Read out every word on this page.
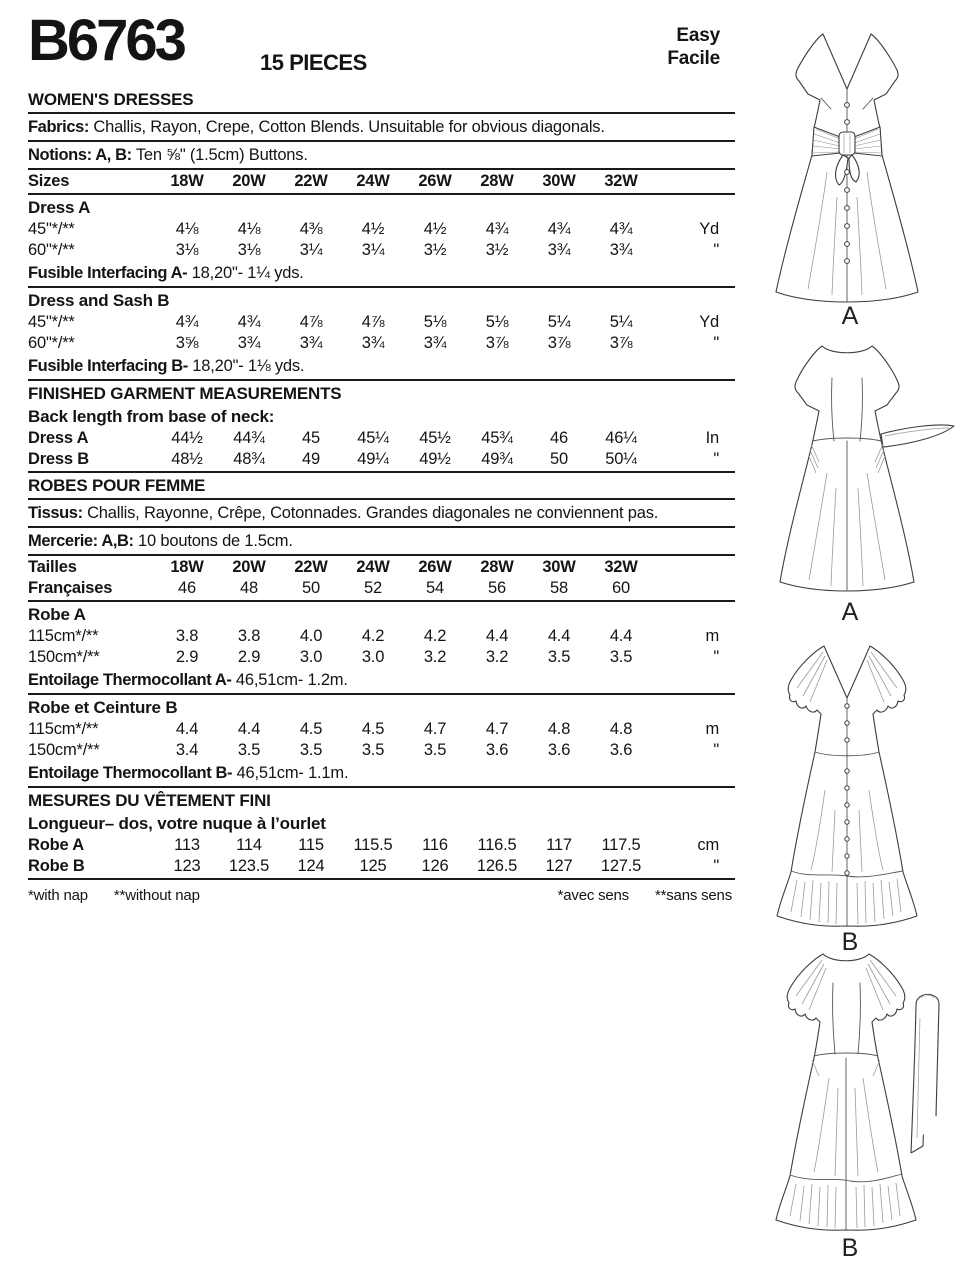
B6763	15 PIECES
Easy
Facile
WOMEN'S DRESSES
Fabrics: Challis, Rayon, Crepe, Cotton Blends. Unsuitable for obvious diagonals.
Notions: A, B: Ten ⅝" (1.5cm) Buttons.
Sizes	18W	20W	22W	24W	26W	28W	30W	32W
Dress A
45"*/**	4⅛	4⅛	4⅜	4½	4½	4¾	4¾	4¾	Yd
60"*/**	3⅛	3⅛	3¼	3¼	3½	3½	3¾	3¾	"
Fusible Interfacing A- 18,20"- 1¼ yds.
Dress and Sash B
45"*/**	4¾	4¾	4⅞	4⅞	5⅛	5⅛	5¼	5¼	Yd
60"*/**	3⅝	3¾	3¾	3¾	3¾	3⅞	3⅞	3⅞	"
Fusible Interfacing B- 18,20"- 1⅛ yds.
FINISHED GARMENT MEASUREMENTS
Back length from base of neck:
Dress A	44½	44¾	45	45¼	45½	45¾	46	46¼	In
Dress B	48½	48¾	49	49¼	49½	49¾	50	50¼	"
ROBES POUR FEMME
Tissus: Challis, Rayonne, Crêpe, Cotonnades. Grandes diagonales ne conviennent pas.
Mercerie: A,B: 10 boutons de 1.5cm.
Tailles	18W	20W	22W	24W	26W	28W	30W	32W
Françaises	46	48	50	52	54	56	58	60
Robe A
115cm*/**	3.8	3.8	4.0	4.2	4.2	4.4	4.4	4.4	m
150cm*/**	2.9	2.9	3.0	3.0	3.2	3.2	3.5	3.5	"
Entoilage Thermocollant A- 46,51cm- 1.2m.
Robe et Ceinture B
115cm*/**	4.4	4.4	4.5	4.5	4.7	4.7	4.8	4.8	m
150cm*/**	3.4	3.5	3.5	3.5	3.5	3.6	3.6	3.6	"
Entoilage Thermocollant B- 46,51cm- 1.1m.
MESURES DU VÊTEMENT FINI
Longueur– dos, votre nuque à l’ourlet
Robe A	113	114	115	115.5	116	116.5	117	117.5	cm
Robe B	123	123.5	124	125	126	126.5	127	127.5	"
*with nap **without nap	*avec sens **sans sens
A
A
B
B
